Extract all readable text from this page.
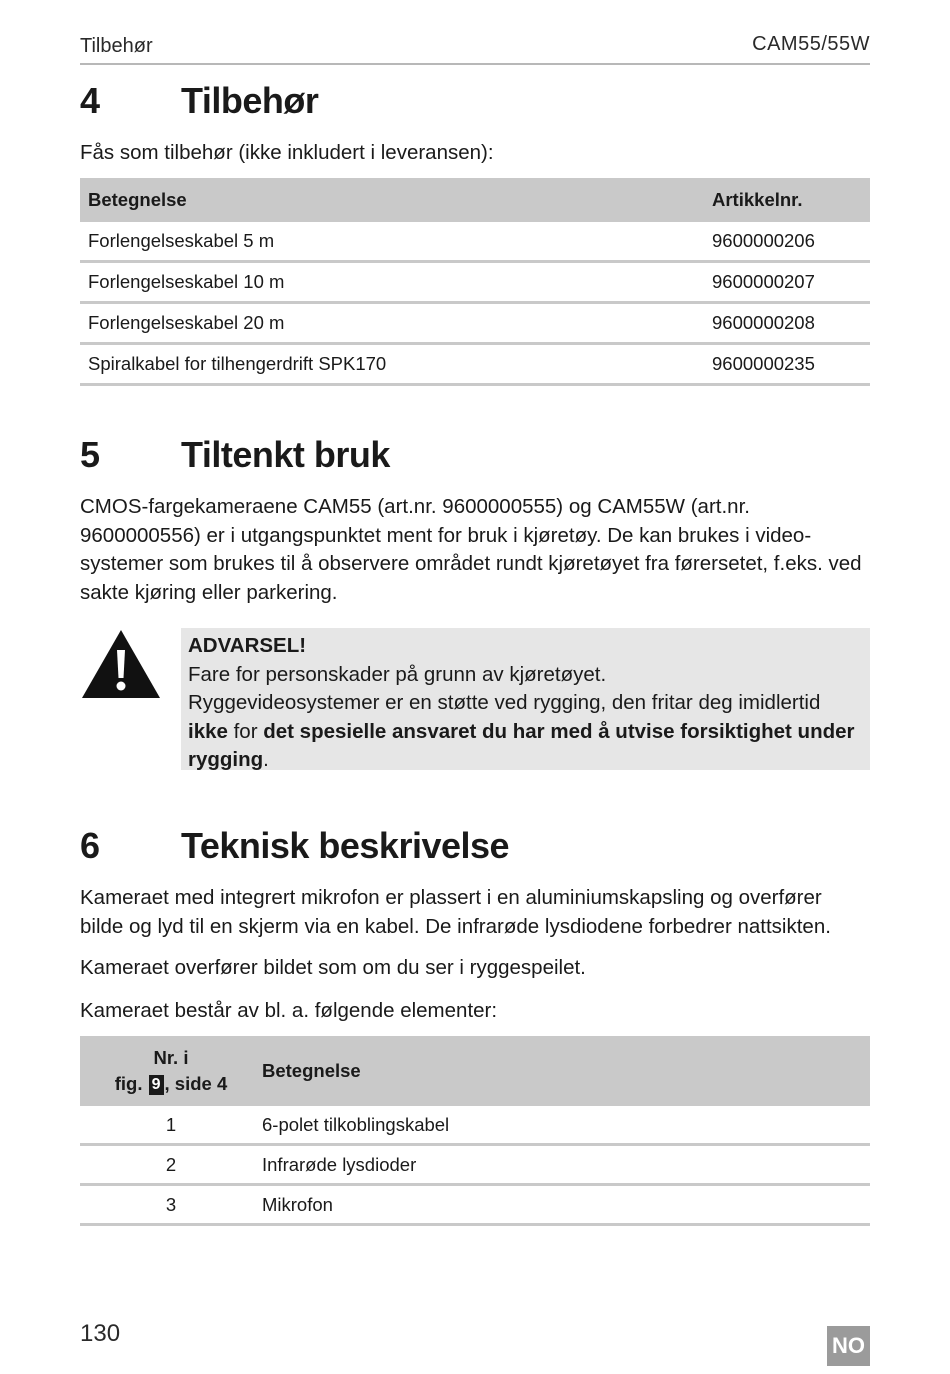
Tilbehør	CAM55/55W
4 Tilbehør

Fås som tilbehør (ikke inkludert i leveransen):

Betegnelse	Artikkelnr.
Forlengelseskabel 5 m	9600000206
Forlengelseskabel 10 m	9600000207
Forlengelseskabel 20 m	9600000208
Spiralkabel for tilhengerdrift SPK170	9600000235
5 Tiltenkt bruk

CMOS-fargekameraene CAM55 (art.nr. 9600000555) og CAM55W (art.nr. 9600000556) er i utgangspunktet ment for bruk i kjøretøy. De kan brukes i video-systemer som brukes til å observere området rundt kjøretøyet fra førersetet, f.eks. ved sakte kjøring eller parkering.

ADVARSEL!
Fare for personskader på grunn av kjøretøyet.
Ryggevideosystemer er en støtte ved rygging, den fritar deg imidlertid ikke for det spesielle ansvaret du har med å utvise forsiktighet under rygging.
6 Teknisk beskrivelse

Kameraet med integrert mikrofon er plassert i en aluminiumskapsling og overfører bilde og lyd til en skjerm via en kabel. De infrarøde lysdiodene forbedrer nattsikten.

Kameraet overfører bildet som om du ser i ryggespeilet.

Kameraet består av bl. a. følgende elementer:

Nr. i
fig. 9 , side 4	Betegnelse
1	6-polet tilkoblingskabel
2	Infrarøde lysdioder
3	Mikrofon
130	NO
